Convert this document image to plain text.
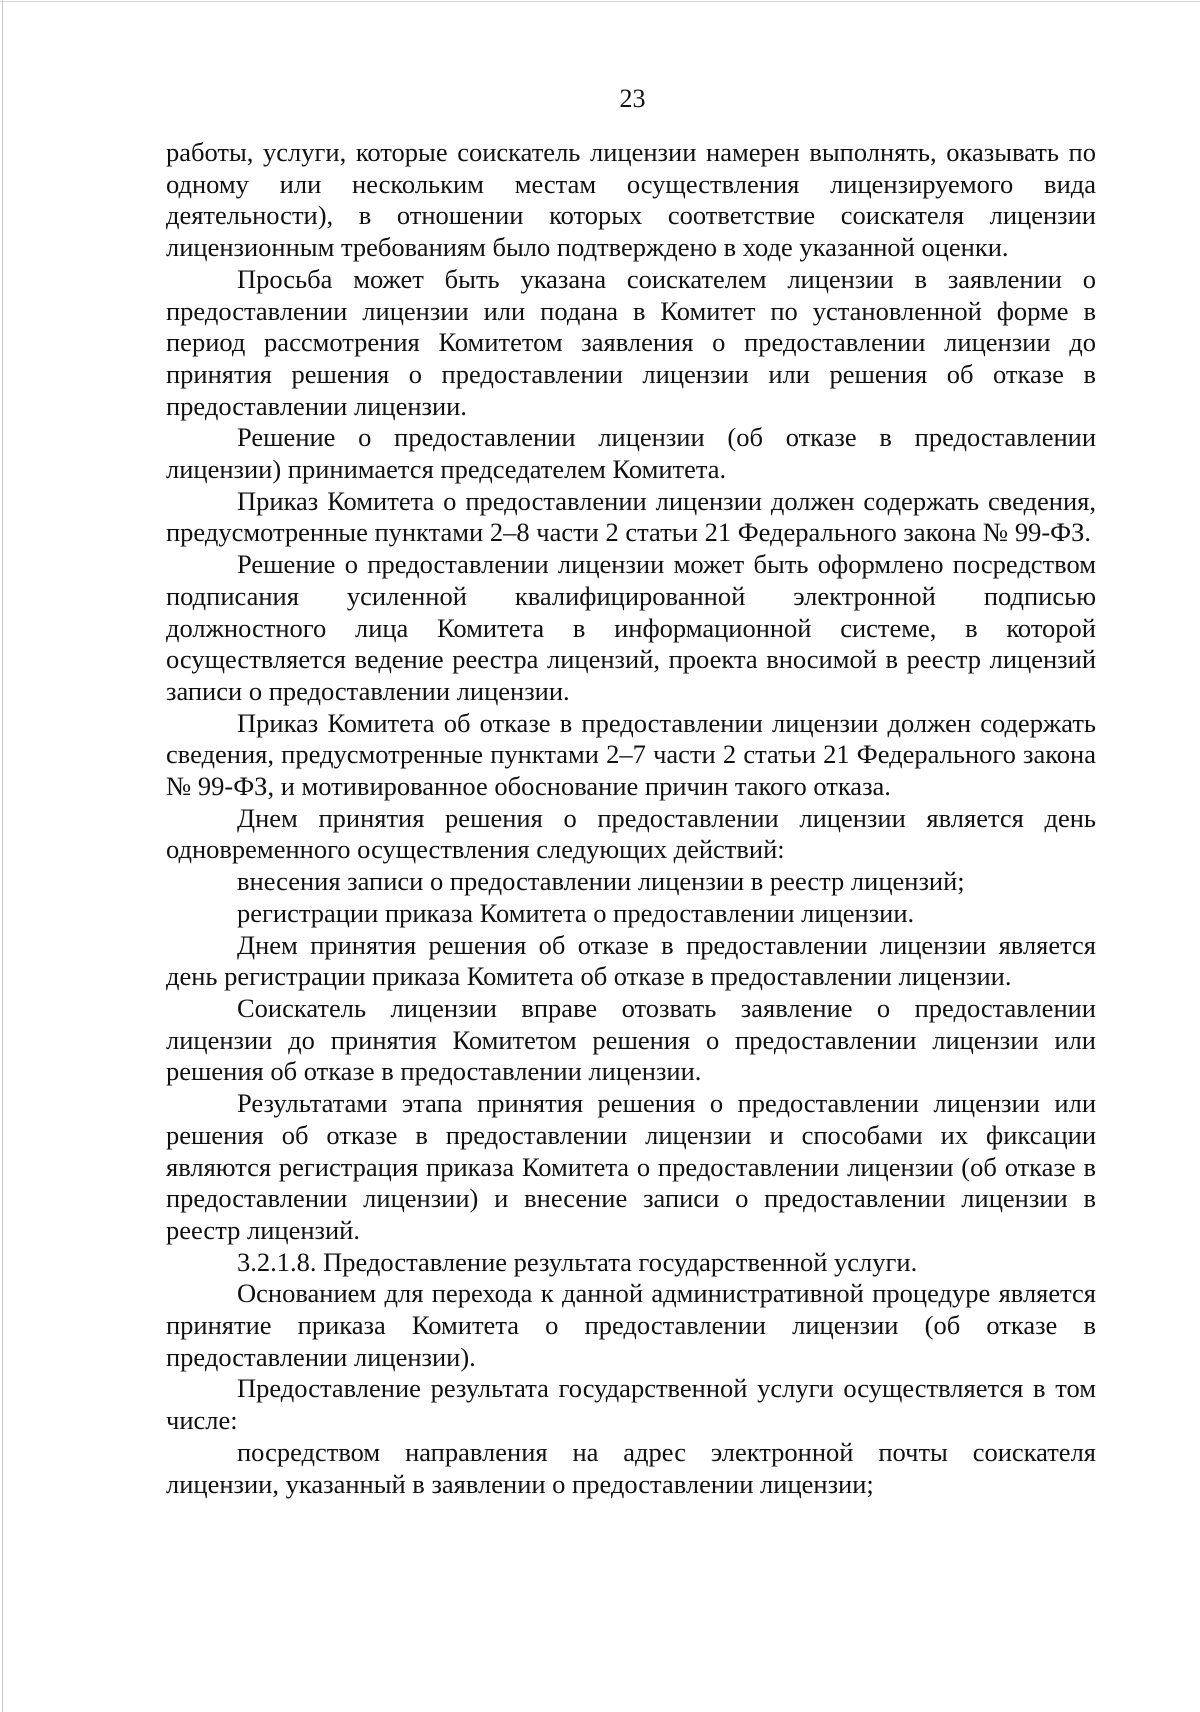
23

работы, услуги, которые соискатель лицензии намерен выполнять, оказывать по одному или нескольким местам осуществления лицензируемого вида деятельности), в отношении которых соответствие соискателя лицензии лицензионным требованиям было подтверждено в ходе указанной оценки.

Просьба может быть указана соискателем лицензии в заявлении о предоставлении лицензии или подана в Комитет по установленной форме в период рассмотрения Комитетом заявления о предоставлении лицензии до принятия решения о предоставлении лицензии или решения об отказе в предоставлении лицензии.

Решение о предоставлении лицензии (об отказе в предоставлении лицензии) принимается председателем Комитета.

Приказ Комитета о предоставлении лицензии должен содержать сведения, предусмотренные пунктами 2–8 части 2 статьи 21 Федерального закона № 99-ФЗ.

Решение о предоставлении лицензии может быть оформлено посредством подписания усиленной квалифицированной электронной подписью должностного лица Комитета в информационной системе, в которой осуществляется ведение реестра лицензий, проекта вносимой в реестр лицензий записи о предоставлении лицензии.

Приказ Комитета об отказе в предоставлении лицензии должен содержать сведения, предусмотренные пунктами 2–7 части 2 статьи 21 Федерального закона № 99-ФЗ, и мотивированное обоснование причин такого отказа.

Днем принятия решения о предоставлении лицензии является день одновременного осуществления следующих действий:

внесения записи о предоставлении лицензии в реестр лицензий;

регистрации приказа Комитета о предоставлении лицензии.

Днем принятия решения об отказе в предоставлении лицензии является день регистрации приказа Комитета об отказе в предоставлении лицензии.

Соискатель лицензии вправе отозвать заявление о предоставлении лицензии до принятия Комитетом решения о предоставлении лицензии или решения об отказе в предоставлении лицензии.

Результатами этапа принятия решения о предоставлении лицензии или решения об отказе в предоставлении лицензии и способами их фиксации являются регистрация приказа Комитета о предоставлении лицензии (об отказе в предоставлении лицензии) и внесение записи о предоставлении лицензии в реестр лицензий.

3.2.1.8. Предоставление результата государственной услуги.

Основанием для перехода к данной административной процедуре является принятие приказа Комитета о предоставлении лицензии (об отказе в предоставлении лицензии).

Предоставление результата государственной услуги осуществляется в том числе:

посредством направления на адрес электронной почты соискателя лицензии, указанный в заявлении о предоставлении лицензии;
